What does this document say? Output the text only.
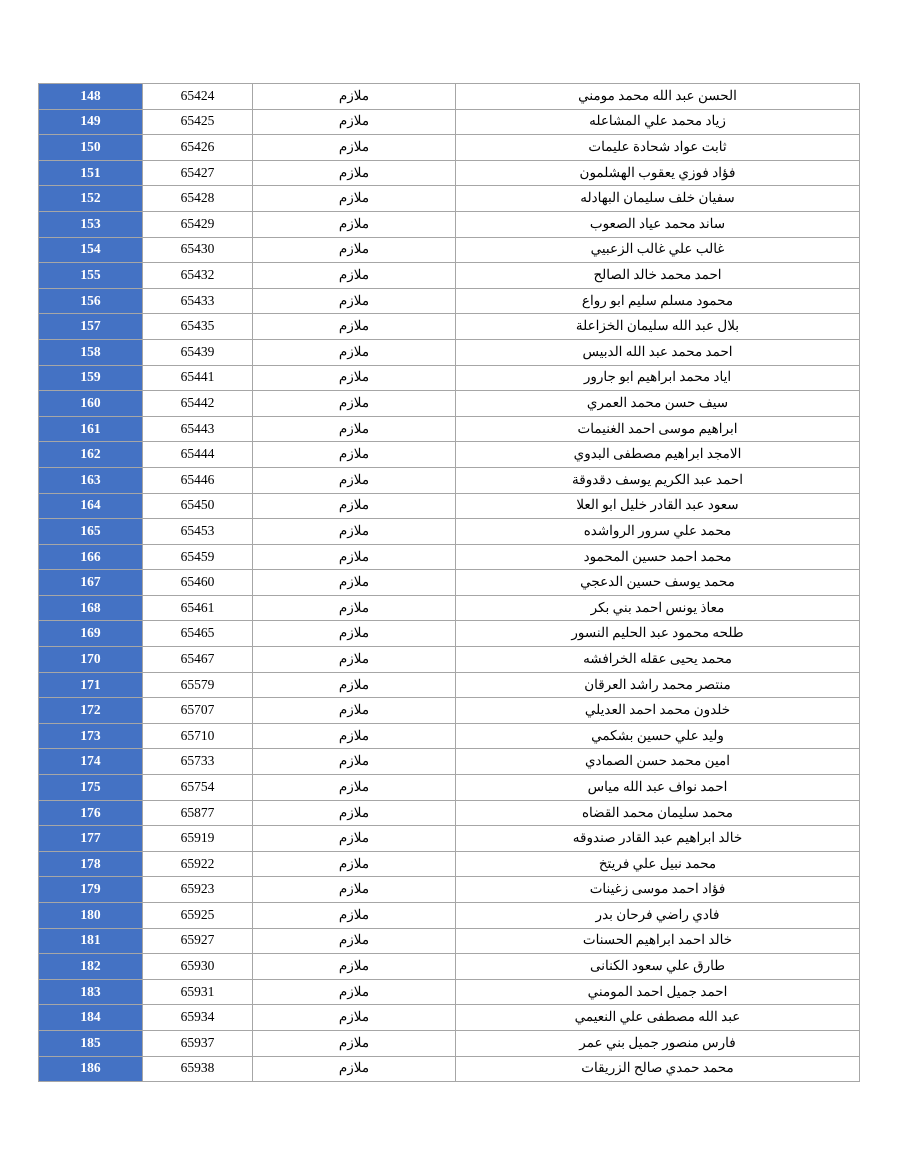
الحسن عبد الله محمد مومني	ملازم	65424	148
زياد محمد علي المشاعله	ملازم	65425	149
ثابت عواد شحادة عليمات	ملازم	65426	150
فؤاد فوزي يعقوب الهشلمون	ملازم	65427	151
سفيان خلف سليمان البهادله	ملازم	65428	152
ساند محمد عياد الصعوب	ملازم	65429	153
غالب علي غالب الزعبيي	ملازم	65430	154
احمد محمد خالد الصالح	ملازم	65432	155
محمود مسلم سليم ابو رواع	ملازم	65433	156
بلال عبد الله سليمان الخزاعلة	ملازم	65435	157
احمد محمد عبد الله الدبيس	ملازم	65439	158
اياد محمد ابراهيم ابو جارور	ملازم	65441	159
سيف حسن محمد العمري	ملازم	65442	160
ابراهيم موسى احمد الغنيمات	ملازم	65443	161
الامجد ابراهيم مصطفى البدوي	ملازم	65444	162
احمد عبد الكريم يوسف دقدوقة	ملازم	65446	163
سعود عبد القادر خليل ابو العلا	ملازم	65450	164
محمد علي سرور الرواشده	ملازم	65453	165
محمد احمد حسين المحمود	ملازم	65459	166
محمد يوسف حسين الدعجي	ملازم	65460	167
معاذ يونس احمد بني بكر	ملازم	65461	168
طلحه محمود عبد الحليم النسور	ملازم	65465	169
محمد يحيى عقله الخرافشه	ملازم	65467	170
منتصر محمد راشد العرقان	ملازم	65579	171
خلدون محمد احمد العديلي	ملازم	65707	172
وليد علي حسين بشكمي	ملازم	65710	173
امين محمد حسن الصمادي	ملازم	65733	174
احمد نواف عبد الله مياس	ملازم	65754	175
محمد سليمان محمد القضاه	ملازم	65877	176
خالد ابراهيم عبد القادر صندوقه	ملازم	65919	177
محمد نبيل علي فريتخ	ملازم	65922	178
فؤاد احمد موسى زغينات	ملازم	65923	179
فادي راضي فرحان بدر	ملازم	65925	180
خالد احمد ابراهيم الحسنات	ملازم	65927	181
طارق علي سعود الكنانى	ملازم	65930	182
احمد جميل احمد المومني	ملازم	65931	183
عبد الله مصطفى علي النعيمي	ملازم	65934	184
فارس منصور جميل بني عمر	ملازم	65937	185
محمد حمدي صالح الزريقات	ملازم	65938	186
